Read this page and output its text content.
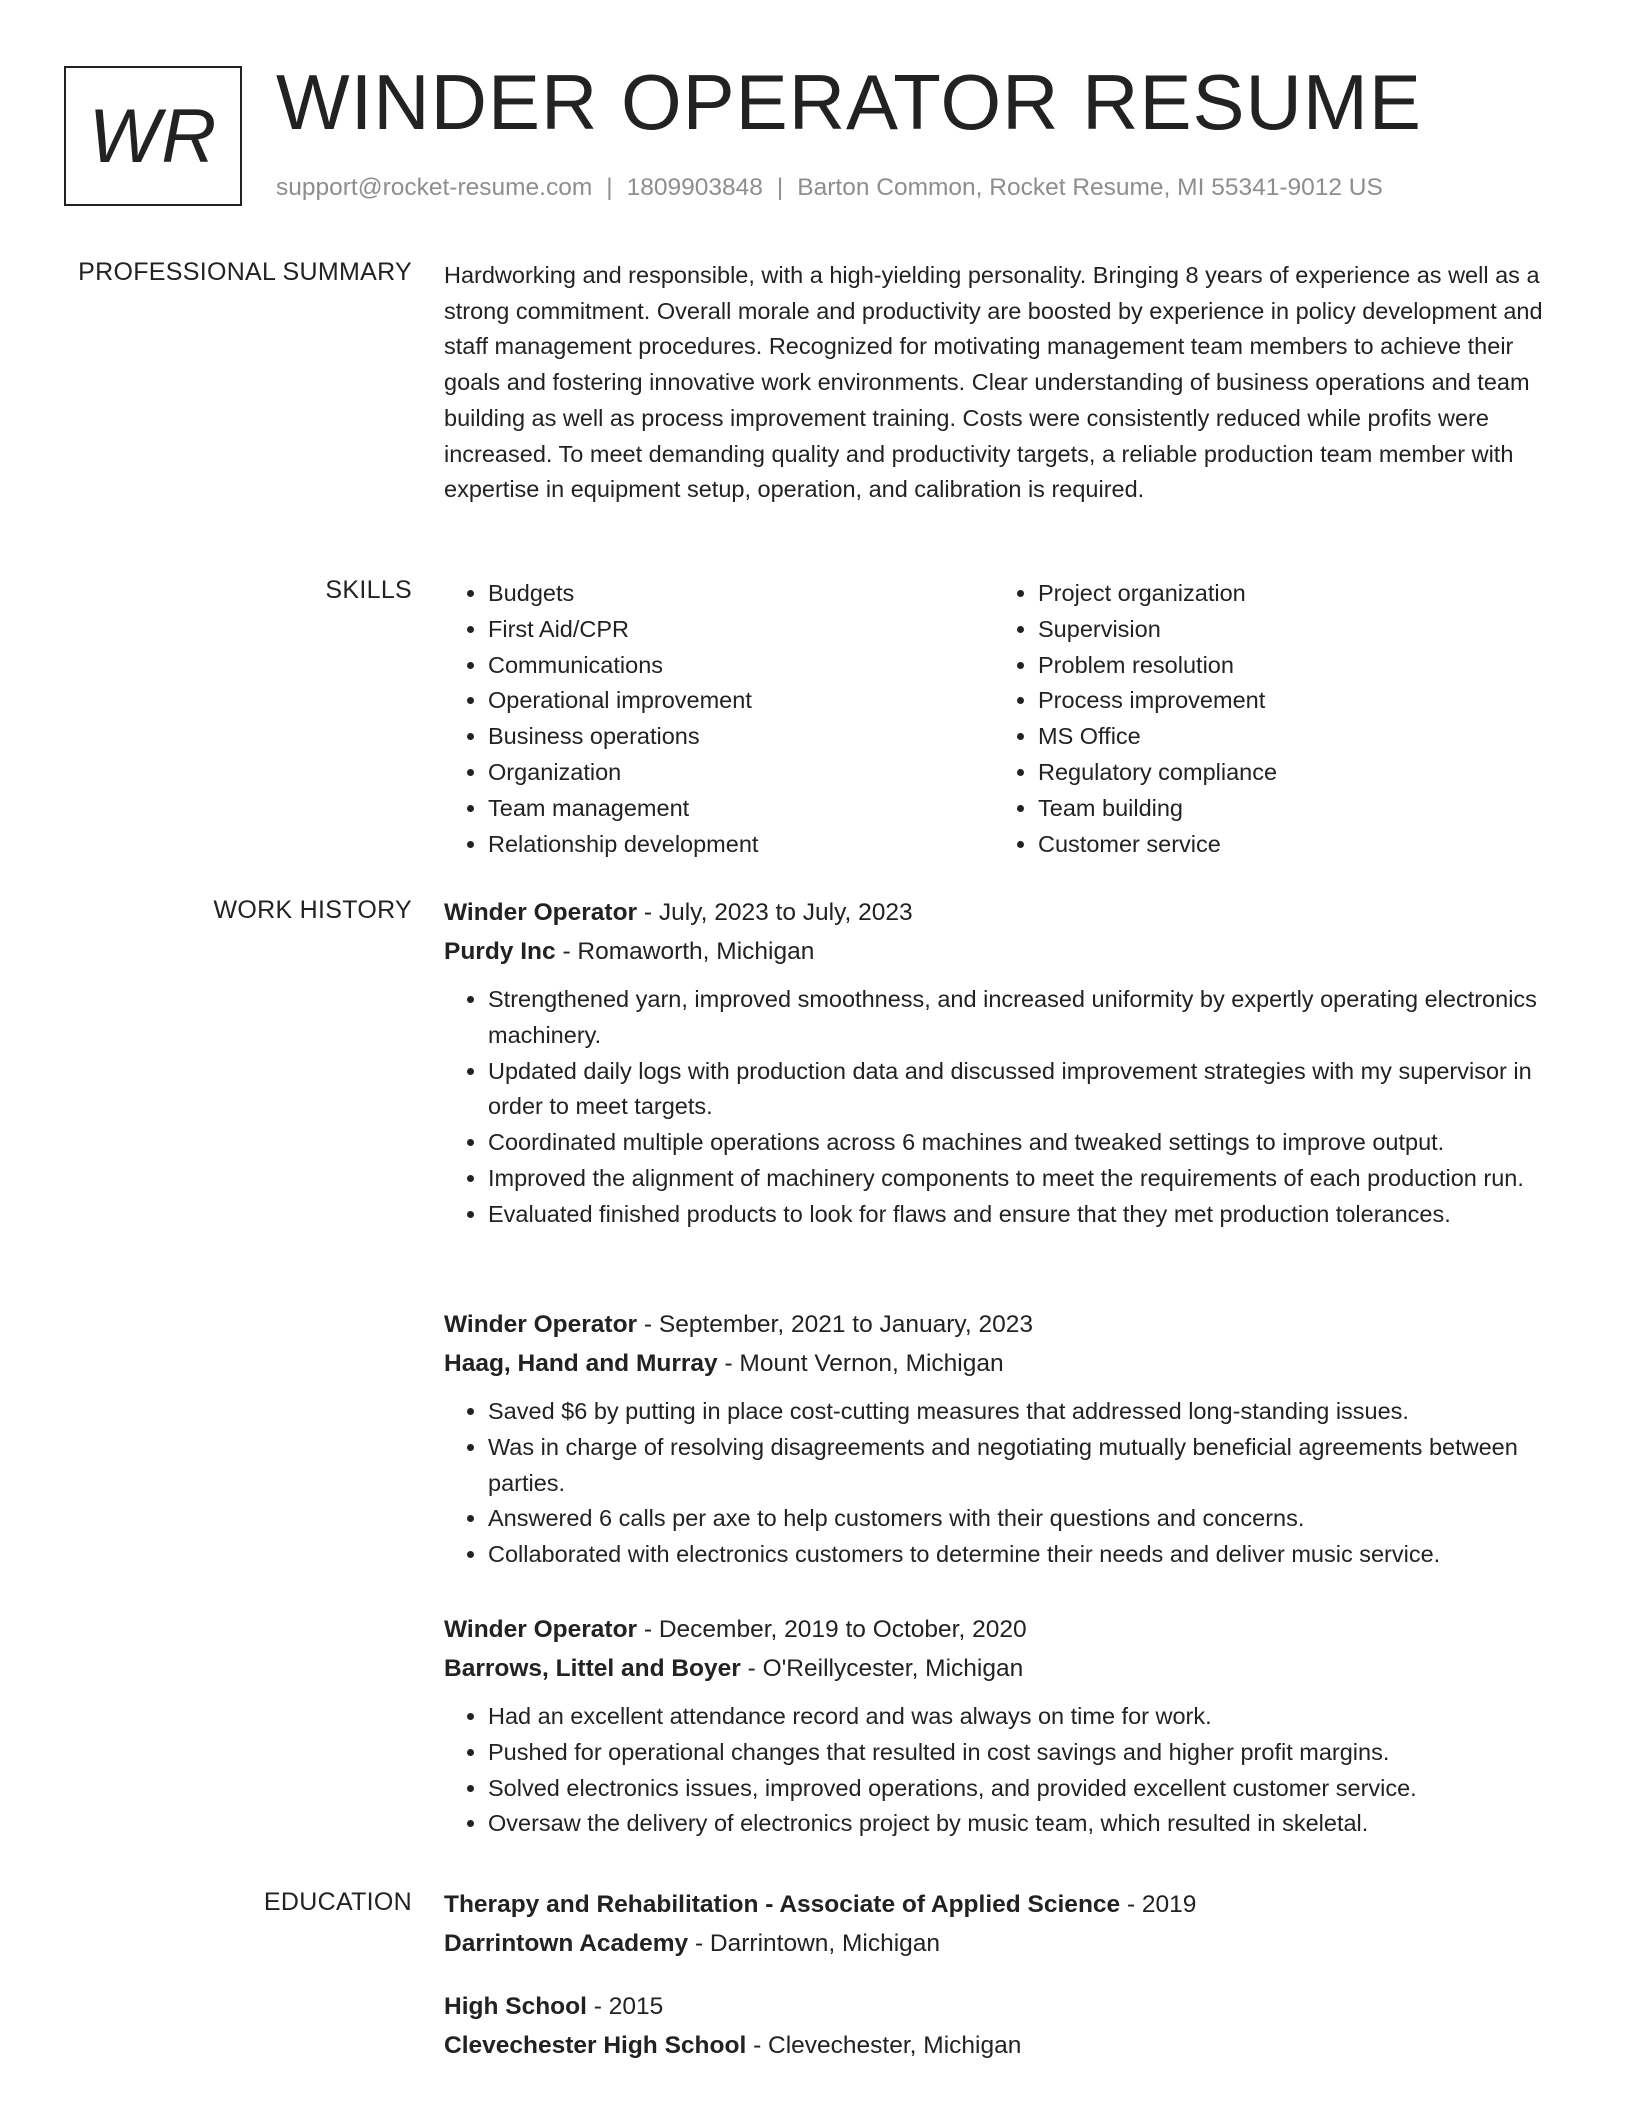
WR WINDER OPERATOR RESUME
support@rocket-resume.com | 1809903848 | Barton Common, Rocket Resume, MI 55341-9012 US
PROFESSIONAL SUMMARY Hardworking and responsible, with a high-yielding personality. Bringing 8 years of experience as well as a strong commitment. Overall morale and productivity are boosted by experience in policy development and staff management procedures. Recognized for motivating management team members to achieve their goals and fostering innovative work environments. Clear understanding of business operations and team building as well as process improvement training. Costs were consistently reduced while profits were increased. To meet demanding quality and productivity targets, a reliable production team member with expertise in equipment setup, operation, and calibration is required.

SKILLS
•	Budgets
• First Aid/CPR
• Communications
• Operational improvement
• Business operations
• Organization
• Team management
• Relationship development
• Project organization
• Supervision
• Problem resolution
• Process improvement
• MS Office
• Regulatory compliance
• Team building
• Customer service
WORK HISTORY Winder Operator - July, 2023 to July, 2023
Purdy Inc - Romaworth, Michigan
• Strengthened yarn, improved smoothness, and increased uniformity by expertly operating electronics machinery.
• Updated daily logs with production data and discussed improvement strategies with my supervisor in order to meet targets.
• Coordinated multiple operations across 6 machines and tweaked settings to improve output.
• Improved the alignment of machinery components to meet the requirements of each production run.
• Evaluated finished products to look for flaws and ensure that they met production tolerances.
Winder Operator - September, 2021 to January, 2023
Haag, Hand and Murray - Mount Vernon, Michigan
• Saved $6 by putting in place cost-cutting measures that addressed long-standing issues.
• Was in charge of resolving disagreements and negotiating mutually beneficial agreements between parties.
• Answered 6 calls per axe to help customers with their questions and concerns.
• Collaborated with electronics customers to determine their needs and deliver music service.
Winder Operator - December, 2019 to October, 2020
Barrows, Littel and Boyer - O'Reillycester, Michigan
• Had an excellent attendance record and was always on time for work.
• Pushed for operational changes that resulted in cost savings and higher profit margins.
• Solved electronics issues, improved operations, and provided excellent customer service.
• Oversaw the delivery of electronics project by music team, which resulted in skeletal.
EDUCATION Therapy and Rehabilitation - Associate of Applied Science - 2019
Darrintown Academy - Darrintown, Michigan
High School - 2015
Clevechester High School - Clevechester, Michigan
